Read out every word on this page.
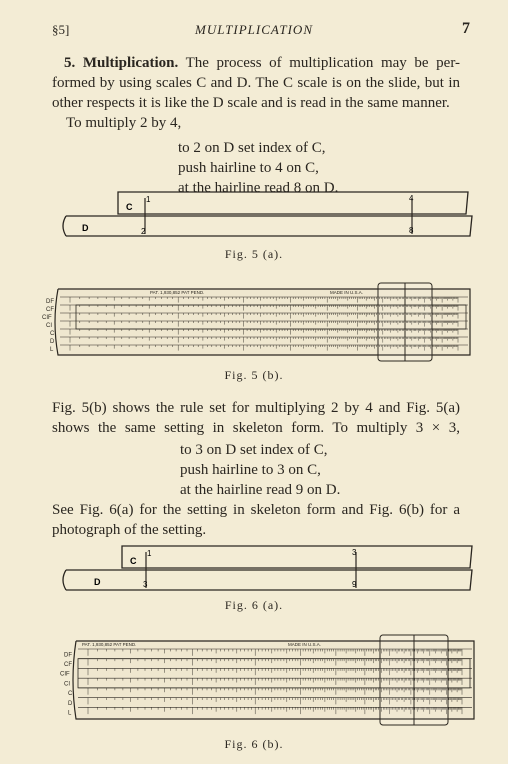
§5]	MULTIPLICATION	7
5. Multiplication. The process of multiplication may be per-
formed by using scales C and D. The C scale is on the slide, but in
other respects it is like the D scale and is read in the same manner.
To multiply 2 by 4,
to 2 on D set index of C,
push hairline to 4 on C,
at the hairline read 8 on D.
C
D
1
2
4
8
Fig. 5 (a).
DF
CF
CIF
CI
C
D
L
PAT. 1,930,852 PAT PEND.	MADE IN U.S.A.
Fig. 5 (b).
Fig. 5(b) shows the rule set for multiplying 2 by 4 and Fig. 5(a)
shows the same setting in skeleton form. To multiply 3 × 3,
to 3 on D set index of C,
push hairline to 3 on C,
at the hairline read 9 on D.
See Fig. 6(a) for the setting in skeleton form and Fig. 6(b) for a
photograph of the setting.
C
D
1
3
3
9
Fig. 6 (a).
DF
CF
CIF
CI
C
D
L
PAT. 1,930,852 PAT PEND.	MADE IN U.S.A.
Fig. 6 (b).
